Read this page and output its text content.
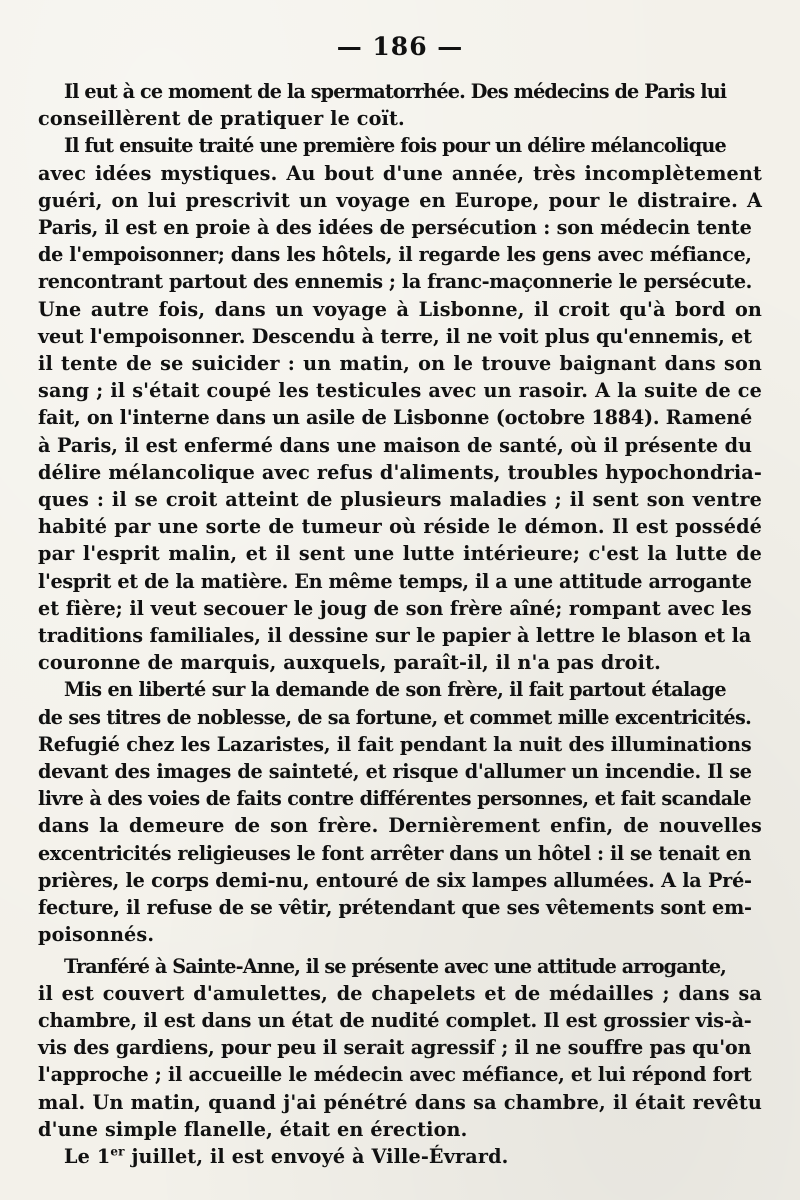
— 186 —

Il eut à ce moment de la spermatorrhée. Des médecins de Paris lui
conseillèrent de pratiquer le coït.

Il fut ensuite traité une première fois pour un délire mélancolique
avec idées mystiques. Au bout d'une année, très incomplètement
guéri, on lui prescrivit un voyage en Europe, pour le distraire. A
Paris, il est en proie à des idées de persécution : son médecin tente
de l'empoisonner; dans les hôtels, il regarde les gens avec méfiance,
rencontrant partout des ennemis ; la franc-maçonnerie le persécute.
Une autre fois, dans un voyage à Lisbonne, il croit qu'à bord on
veut l'empoisonner. Descendu à terre, il ne voit plus qu'ennemis, et
il tente de se suicider : un matin, on le trouve baignant dans son
sang ; il s'était coupé les testicules avec un rasoir. A la suite de ce
fait, on l'interne dans un asile de Lisbonne (octobre 1884). Ramené
à Paris, il est enfermé dans une maison de santé, où il présente du
délire mélancolique avec refus d'aliments, troubles hypochondria-
ques : il se croit atteint de plusieurs maladies ; il sent son ventre
habité par une sorte de tumeur où réside le démon. Il est possédé
par l'esprit malin, et il sent une lutte intérieure; c'est la lutte de
l'esprit et de la matière. En même temps, il a une attitude arrogante
et fière; il veut secouer le joug de son frère aîné; rompant avec les
traditions familiales, il dessine sur le papier à lettre le blason et la
couronne de marquis, auxquels, paraît-il, il n'a pas droit.

Mis en liberté sur la demande de son frère, il fait partout étalage
de ses titres de noblesse, de sa fortune, et commet mille excentricités.
Refugié chez les Lazaristes, il fait pendant la nuit des illuminations
devant des images de sainteté, et risque d'allumer un incendie. Il se
livre à des voies de faits contre différentes personnes, et fait scandale
dans la demeure de son frère. Dernièrement enfin, de nouvelles
excentricités religieuses le font arrêter dans un hôtel : il se tenait en
prières, le corps demi-nu, entouré de six lampes allumées. A la Pré-
fecture, il refuse de se vêtir, prétendant que ses vêtements sont em-
poisonnés.

Tranféré à Sainte-Anne, il se présente avec une attitude arrogante,
il est couvert d'amulettes, de chapelets et de médailles ; dans sa
chambre, il est dans un état de nudité complet. Il est grossier vis-à-
vis des gardiens, pour peu il serait agressif ; il ne souffre pas qu'on
l'approche ; il accueille le médecin avec méfiance, et lui répond fort
mal. Un matin, quand j'ai pénétré dans sa chambre, il était revêtu
d'une simple flanelle, était en érection.

Le 1er juillet, il est envoyé à Ville-Évrard.
